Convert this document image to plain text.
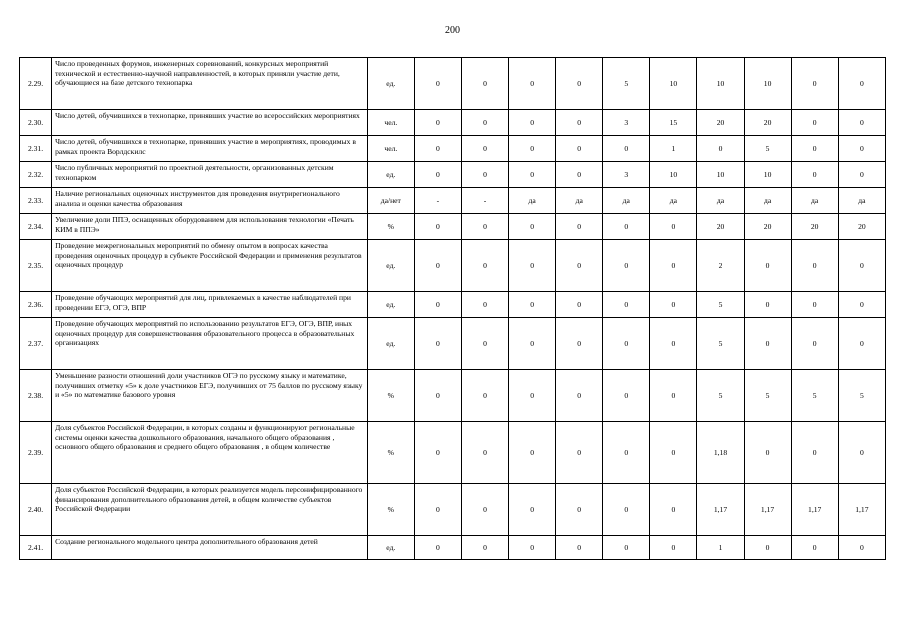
200
2.29.	Число проведенных форумов, инженерных соревнований, конкурсных мероприятий технической и естественно-научной направленностей, в которых приняли участие дети, обучающиеся на базе детского технопарка	ед.	0	0	0	0	5	10	10	10	0	0
2.30.	Число детей, обучившихся в технопарке, принявших участие во всероссийских мероприятиях	чел.	0	0	0	0	3	15	20	20	0	0
2.31.	Число детей, обучившихся в технопарке, принявших участие в мероприятиях, проводимых в рамках проекта Ворлдскилс	чел.	0	0	0	0	0	1	0	5	0	0
2.32.	Число публичных мероприятий по проектной деятельности, организованных детским технопарком	ед.	0	0	0	0	3	10	10	10	0	0
2.33.	Наличие региональных оценочных инструментов для проведения внутрирегионального анализа и оценки качества образования	да/нет	-	-	да	да	да	да	да	да	да	да
2.34.	Увеличение доли ППЭ, оснащенных оборудованием для использования технологии «Печать КИМ в ППЭ»	%	0	0	0	0	0	0	20	20	20	20
2.35.	Проведение межрегиональных мероприятий по обмену опытом в вопросах качества проведения оценочных процедур в субъекте Российской Федерации и применения результатов оценочных процедур	ед.	0	0	0	0	0	0	2	0	0	0
2.36.	Проведение обучающих мероприятий для лиц, привлекаемых в качестве наблюдателей при проведении ЕГЭ, ОГЭ, ВПР	ед.	0	0	0	0	0	0	5	0	0	0
2.37.	Проведение обучающих мероприятий по использованию результатов ЕГЭ, ОГЭ, ВПР, иных оценочных процедур для совершенствования образовательного процесса в образовательных организациях	ед.	0	0	0	0	0	0	5	0	0	0
2.38.	Уменьшение разности отношений доли участников ОГЭ по русскому языку и математике, получивших отметку «5» к доле участников ЕГЭ, получивших от 75 баллов по русскому языку и «5» по математике базового уровня	%	0	0	0	0	0	0	5	5	5	5
2.39.	Доля субъектов Российской Федерации, в которых созданы и функционируют региональные системы оценки качества дошкольного образования, начального общего образования , основного общего образования и среднего общего образования , в общем количестве	%	0	0	0	0	0	0	1,18	0	0	0
2.40.	Доля субъектов Российской Федерации, в которых реализуется модель персонифицированного финансирования дополнительного образования детей, в общем количестве субъектов Российской Федерации	%	0	0	0	0	0	0	1,17	1,17	1,17	1,17
2.41.	Создание регионального модельного центра дополнительного образования детей	ед.	0	0	0	0	0	0	1	0	0	0
